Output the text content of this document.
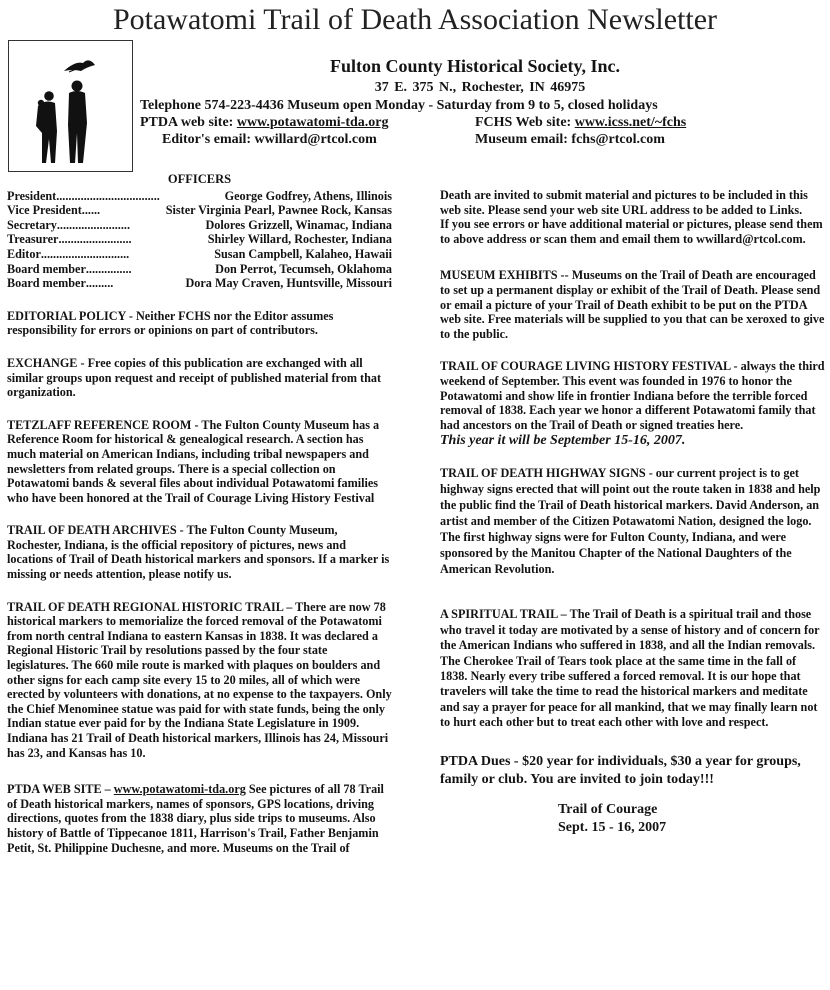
Potawatomi Trail of Death Association Newsletter
Fulton County Historical Society, Inc.
37 E. 375 N., Rochester, IN 46975
Telephone 574-223-4436 Museum open Monday - Saturday from 9 to 5, closed holidays
PTDA web site: www.potawatomi-tda.org	FCHS Web site: www.icss.net/~fchs
Editor's email: wwillard@rtcol.com	Museum email: fchs@rtcol.com
OFFICERS
President ..................................	George Godfrey, Athens, Illinois
Vice President ......	Sister Virginia Pearl, Pawnee Rock, Kansas
Secretary ........................	Dolores Grizzell, Winamac, Indiana
Treasurer ........................	Shirley Willard, Rochester, Indiana
Editor .............................	Susan Campbell, Kalaheo, Hawaii
Board member ...............	Don Perrot, Tecumseh, Oklahoma
Board member .........	Dora May Craven, Huntsville, Missouri

EDITORIAL POLICY - Neither FCHS nor the Editor assumes responsibility for errors or opinions on part of contributors.

EXCHANGE - Free copies of this publication are exchanged with all similar groups upon request and receipt of published material from that organization.

TETZLAFF REFERENCE ROOM - The Fulton County Museum has a Reference Room for historical & genealogical research. A section has much material on American Indians, including tribal newspapers and newsletters from related groups. There is a special collection on Potawatomi bands & several files about individual Potawatomi families who have been honored at the Trail of Courage Living History Festival

TRAIL OF DEATH ARCHIVES - The Fulton County Museum, Rochester, Indiana, is the official repository of pictures, news and locations of Trail of Death historical markers and sponsors. If a marker is missing or needs attention, please notify us.

TRAIL OF DEATH REGIONAL HISTORIC TRAIL – There are now 78 historical markers to memorialize the forced removal of the Potawatomi from north central Indiana to eastern Kansas in 1838. It was declared a Regional Historic Trail by resolutions passed by the four state legislatures. The 660 mile route is marked with plaques on boulders and other signs for each camp site every 15 to 20 miles, all of which were erected by volunteers with donations, at no expense to the taxpayers. Only the Chief Menominee statue was paid for with state funds, being the only Indian statue ever paid for by the Indiana State Legislature in 1909. Indiana has 21 Trail of Death historical markers, Illinois has 24, Missouri has 23, and Kansas has 10.

PTDA WEB SITE – www.potawatomi-tda.org See pictures of all 78 Trail of Death historical markers, names of sponsors, GPS locations, driving directions, quotes from the 1838 diary, plus side trips to museums. Also history of Battle of Tippecanoe 1811, Harrison's Trail, Father Benjamin Petit, St. Philippine Duchesne, and more. Museums on the Trail of

Death are invited to submit material and pictures to be included in this web site. Please send your web site URL address to be added to Links.

If you see errors or have additional material or pictures, please send them to above address or scan them and email them to wwillard@rtcol.com.

MUSEUM EXHIBITS -- Museums on the Trail of Death are encouraged to set up a permanent display or exhibit of the Trail of Death. Please send or email a picture of your Trail of Death exhibit to be put on the PTDA web site. Free materials will be supplied to you that can be xeroxed to give to the public.

TRAIL OF COURAGE LIVING HISTORY FESTIVAL - always the third weekend of September. This event was founded in 1976 to honor the Potawatomi and show life in frontier Indiana before the terrible forced removal of 1838. Each year we honor a different Potawatomi family that had ancestors on the Trail of Death or signed treaties here.

This year it will be September 15-16, 2007.

TRAIL OF DEATH HIGHWAY SIGNS - our current project is to get highway signs erected that will point out the route taken in 1838 and help the public find the Trail of Death historical markers. David Anderson, an artist and member of the Citizen Potawatomi Nation, designed the logo. The first highway signs were for Fulton County, Indiana, and were sponsored by the Manitou Chapter of the National Daughters of the American Revolution.

A SPIRITUAL TRAIL – The Trail of Death is a spiritual trail and those who travel it today are motivated by a sense of history and of concern for the American Indians who suffered in 1838, and all the Indian removals. The Cherokee Trail of Tears took place at the same time in the fall of 1838. Nearly every tribe suffered a forced removal. It is our hope that travelers will take the time to read the historical markers and meditate and say a prayer for peace for all mankind, that we may finally learn not to hurt each other but to treat each other with love and respect.

PTDA Dues - $20 year for individuals, $30 a year for groups, family or club. You are invited to join today!!!

Trail of Courage
Sept. 15 - 16, 2007
